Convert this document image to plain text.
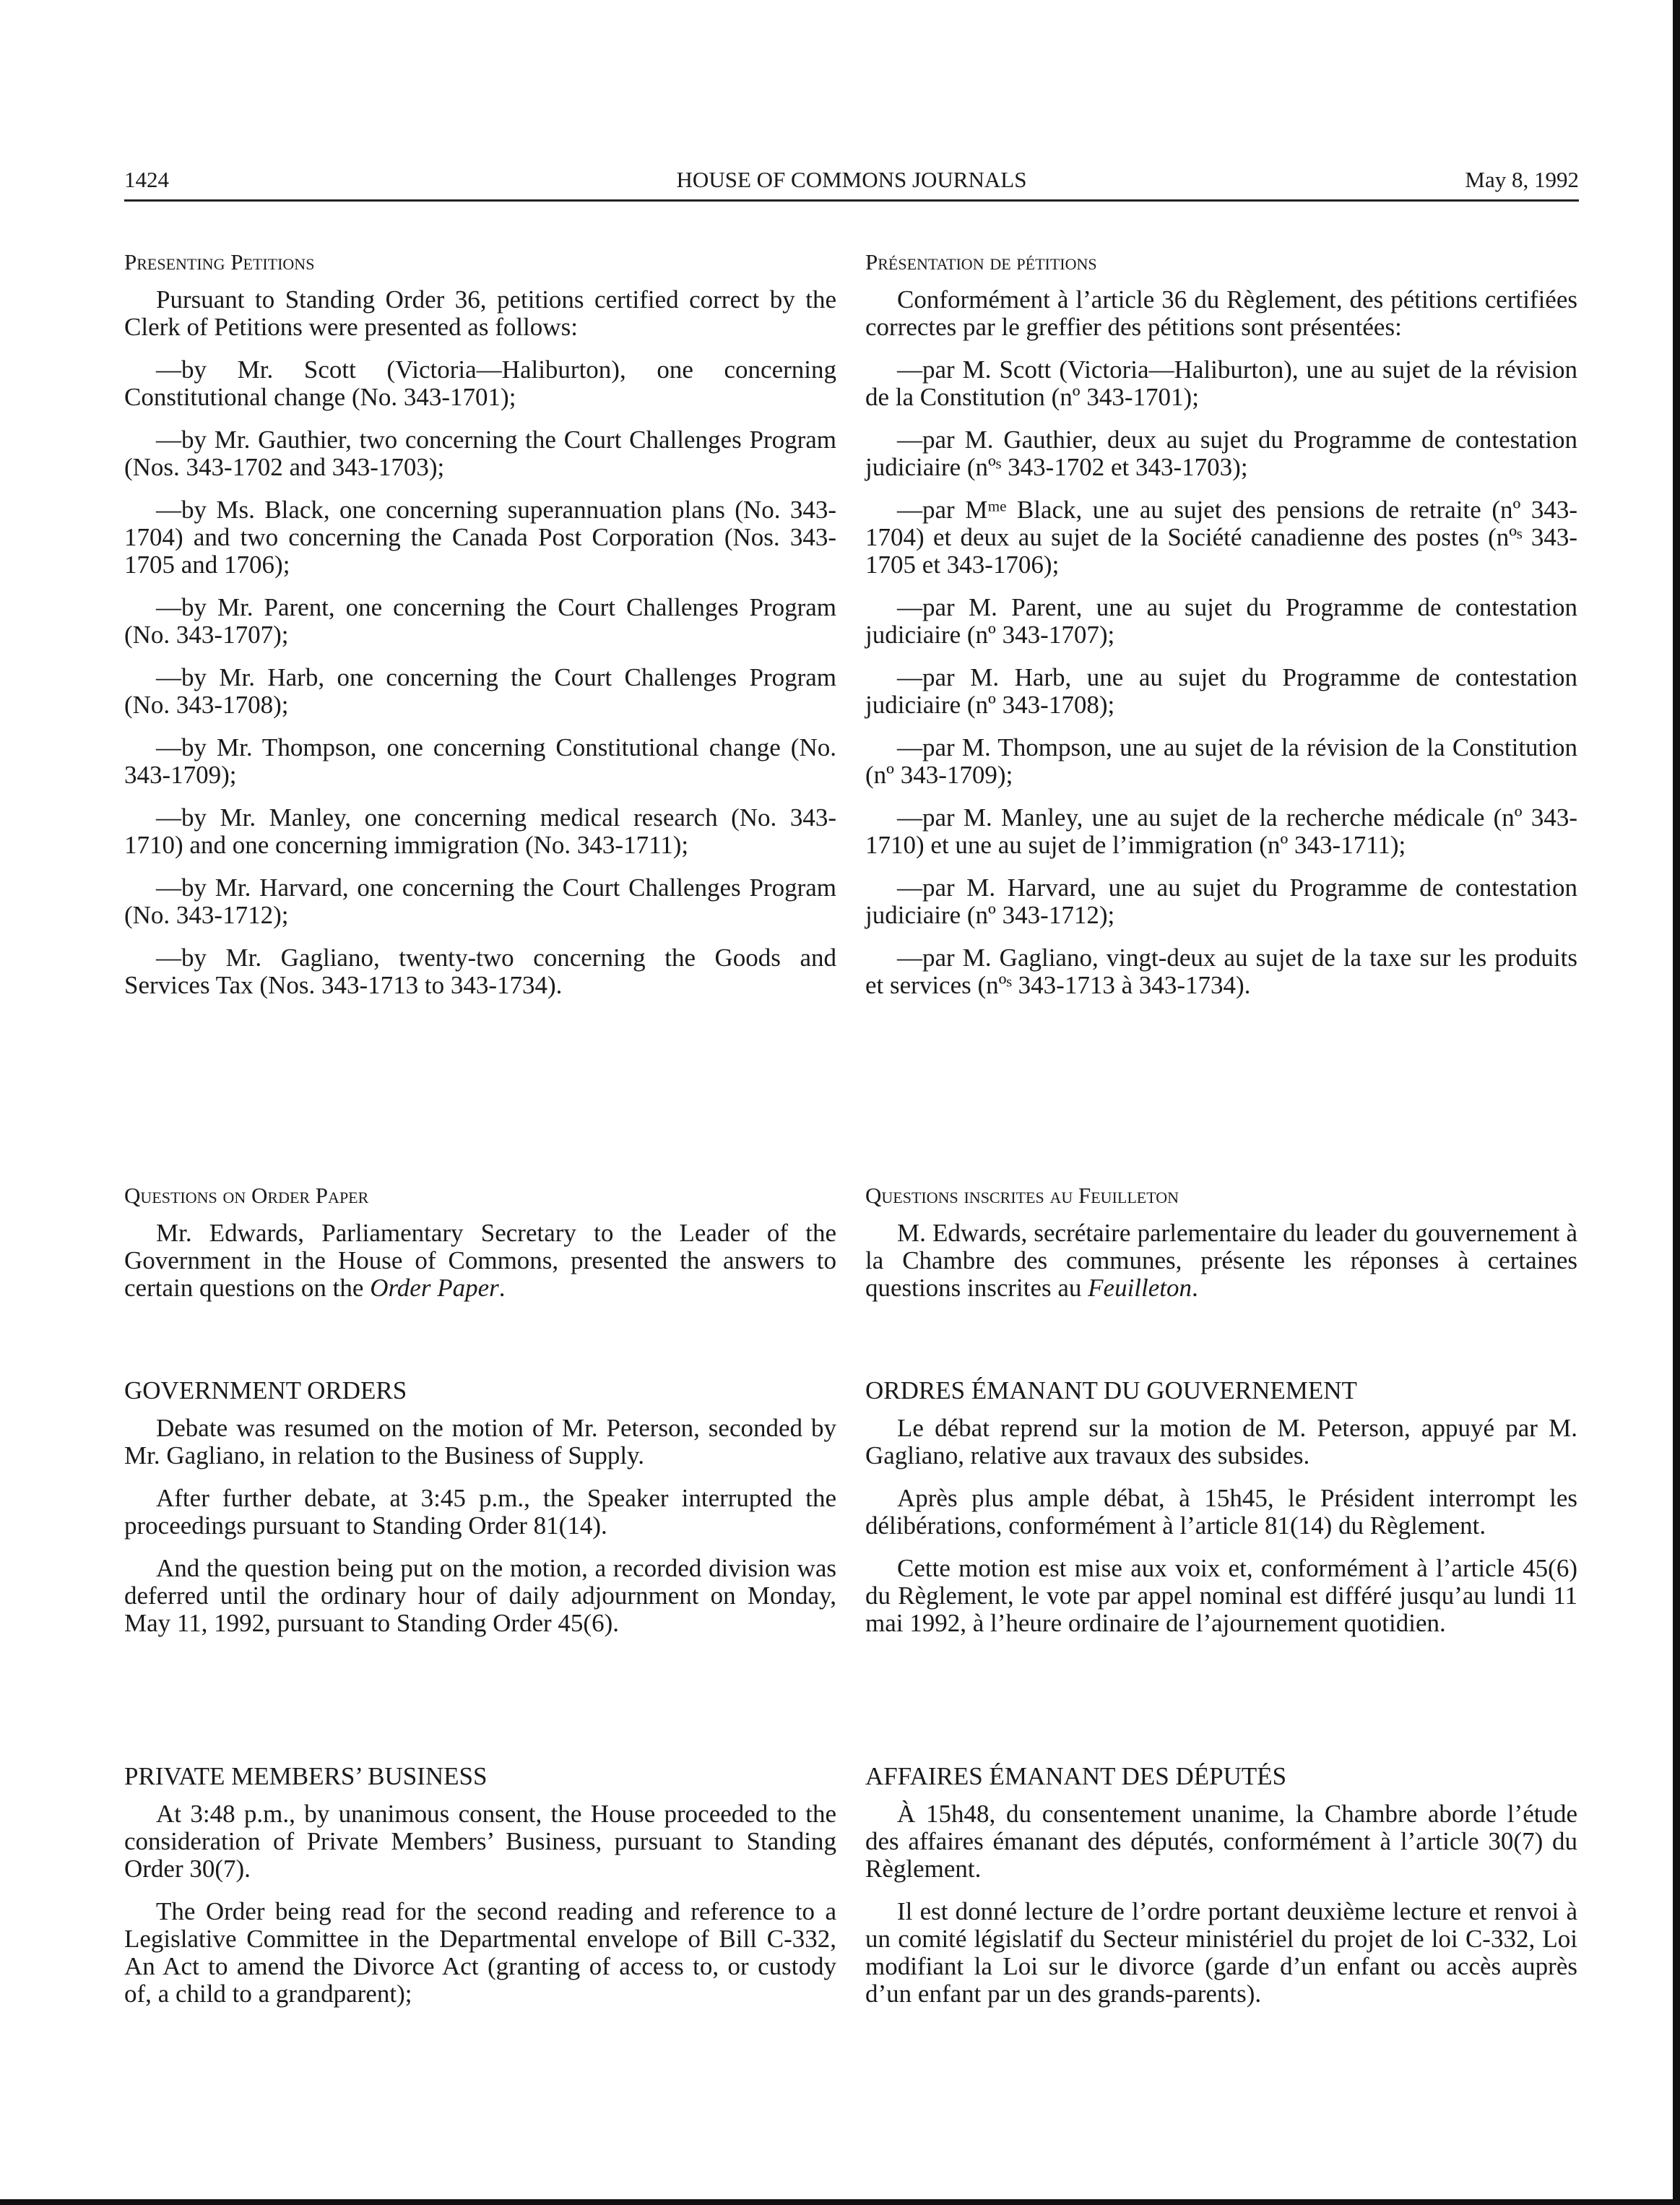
1424	HOUSE OF COMMONS JOURNALS	May 8, 1992
Presenting Petitions

Pursuant to Standing Order 36, petitions certified correct by the Clerk of Petitions were presented as follows:

—by Mr. Scott (Victoria—Haliburton), one concerning Constitutional change (No. 343-1701);

—by Mr. Gauthier, two concerning the Court Challenges Program (Nos. 343-1702 and 343-1703);

—by Ms. Black, one concerning superannuation plans (No. 343-1704) and two concerning the Canada Post Corporation (Nos. 343-1705 and 1706);

—by Mr. Parent, one concerning the Court Challenges Program (No. 343-1707);

—by Mr. Harb, one concerning the Court Challenges Program (No. 343-1708);

—by Mr. Thompson, one concerning Constitutional change (No. 343-1709);

—by Mr. Manley, one concerning medical research (No. 343-1710) and one concerning immigration (No. 343-1711);

—by Mr. Harvard, one concerning the Court Challenges Program (No. 343-1712);

—by Mr. Gagliano, twenty-two concerning the Goods and Services Tax (Nos. 343-1713 to 343-1734).

Questions on Order Paper

Mr. Edwards, Parliamentary Secretary to the Leader of the Government in the House of Commons, presented the answers to certain questions on the Order Paper.

GOVERNMENT ORDERS

Debate was resumed on the motion of Mr. Peterson, seconded by Mr. Gagliano, in relation to the Business of Supply.

After further debate, at 3:45 p.m., the Speaker interrupted the proceedings pursuant to Standing Order 81(14).

And the question being put on the motion, a recorded division was deferred until the ordinary hour of daily adjournment on Monday, May 11, 1992, pursuant to Standing Order 45(6).

PRIVATE MEMBERS’ BUSINESS

At 3:48 p.m., by unanimous consent, the House proceeded to the consideration of Private Members’ Business, pursuant to Standing Order 30(7).

The Order being read for the second reading and reference to a Legislative Committee in the Departmental envelope of Bill C-332, An Act to amend the Divorce Act (granting of access to, or custody of, a child to a grandparent);

Présentation de pétitions

Conformément à l’article 36 du Règlement, des pétitions certifiées correctes par le greffier des pétitions sont présentées:

—par M. Scott (Victoria—Haliburton), une au sujet de la révision de la Constitution (nº 343-1701);

—par M. Gauthier, deux au sujet du Programme de contestation judiciaire (nºˢ 343-1702 et 343-1703);

—par Mᵐᵉ Black, une au sujet des pensions de retraite (nº 343-1704) et deux au sujet de la Société canadienne des postes (nºˢ 343-1705 et 343-1706);

—par M. Parent, une au sujet du Programme de contestation judiciaire (nº 343-1707);

—par M. Harb, une au sujet du Programme de contestation judiciaire (nº 343-1708);

—par M. Thompson, une au sujet de la révision de la Constitution (nº 343-1709);

—par M. Manley, une au sujet de la recherche médicale (nº 343-1710) et une au sujet de l’immigration (nº 343-1711);

—par M. Harvard, une au sujet du Programme de contestation judiciaire (nº 343-1712);

—par M. Gagliano, vingt-deux au sujet de la taxe sur les produits et services (nºˢ 343-1713 à 343-1734).

Questions inscrites au Feuilleton

M. Edwards, secrétaire parlementaire du leader du gouvernement à la Chambre des communes, présente les réponses à certaines questions inscrites au Feuilleton.

ORDRES ÉMANANT DU GOUVERNEMENT

Le débat reprend sur la motion de M. Peterson, appuyé par M. Gagliano, relative aux travaux des subsides.

Après plus ample débat, à 15h45, le Président interrompt les délibérations, conformément à l’article 81(14) du Règlement.

Cette motion est mise aux voix et, conformément à l’article 45(6) du Règlement, le vote par appel nominal est différé jusqu’au lundi 11 mai 1992, à l’heure ordinaire de l’ajournement quotidien.

AFFAIRES ÉMANANT DES DÉPUTÉS

À 15h48, du consentement unanime, la Chambre aborde l’étude des affaires émanant des députés, conformément à l’article 30(7) du Règlement.

Il est donné lecture de l’ordre portant deuxième lecture et renvoi à un comité législatif du Secteur ministériel du projet de loi C-332, Loi modifiant la Loi sur le divorce (garde d’un enfant ou accès auprès d’un enfant par un des grands-parents).
